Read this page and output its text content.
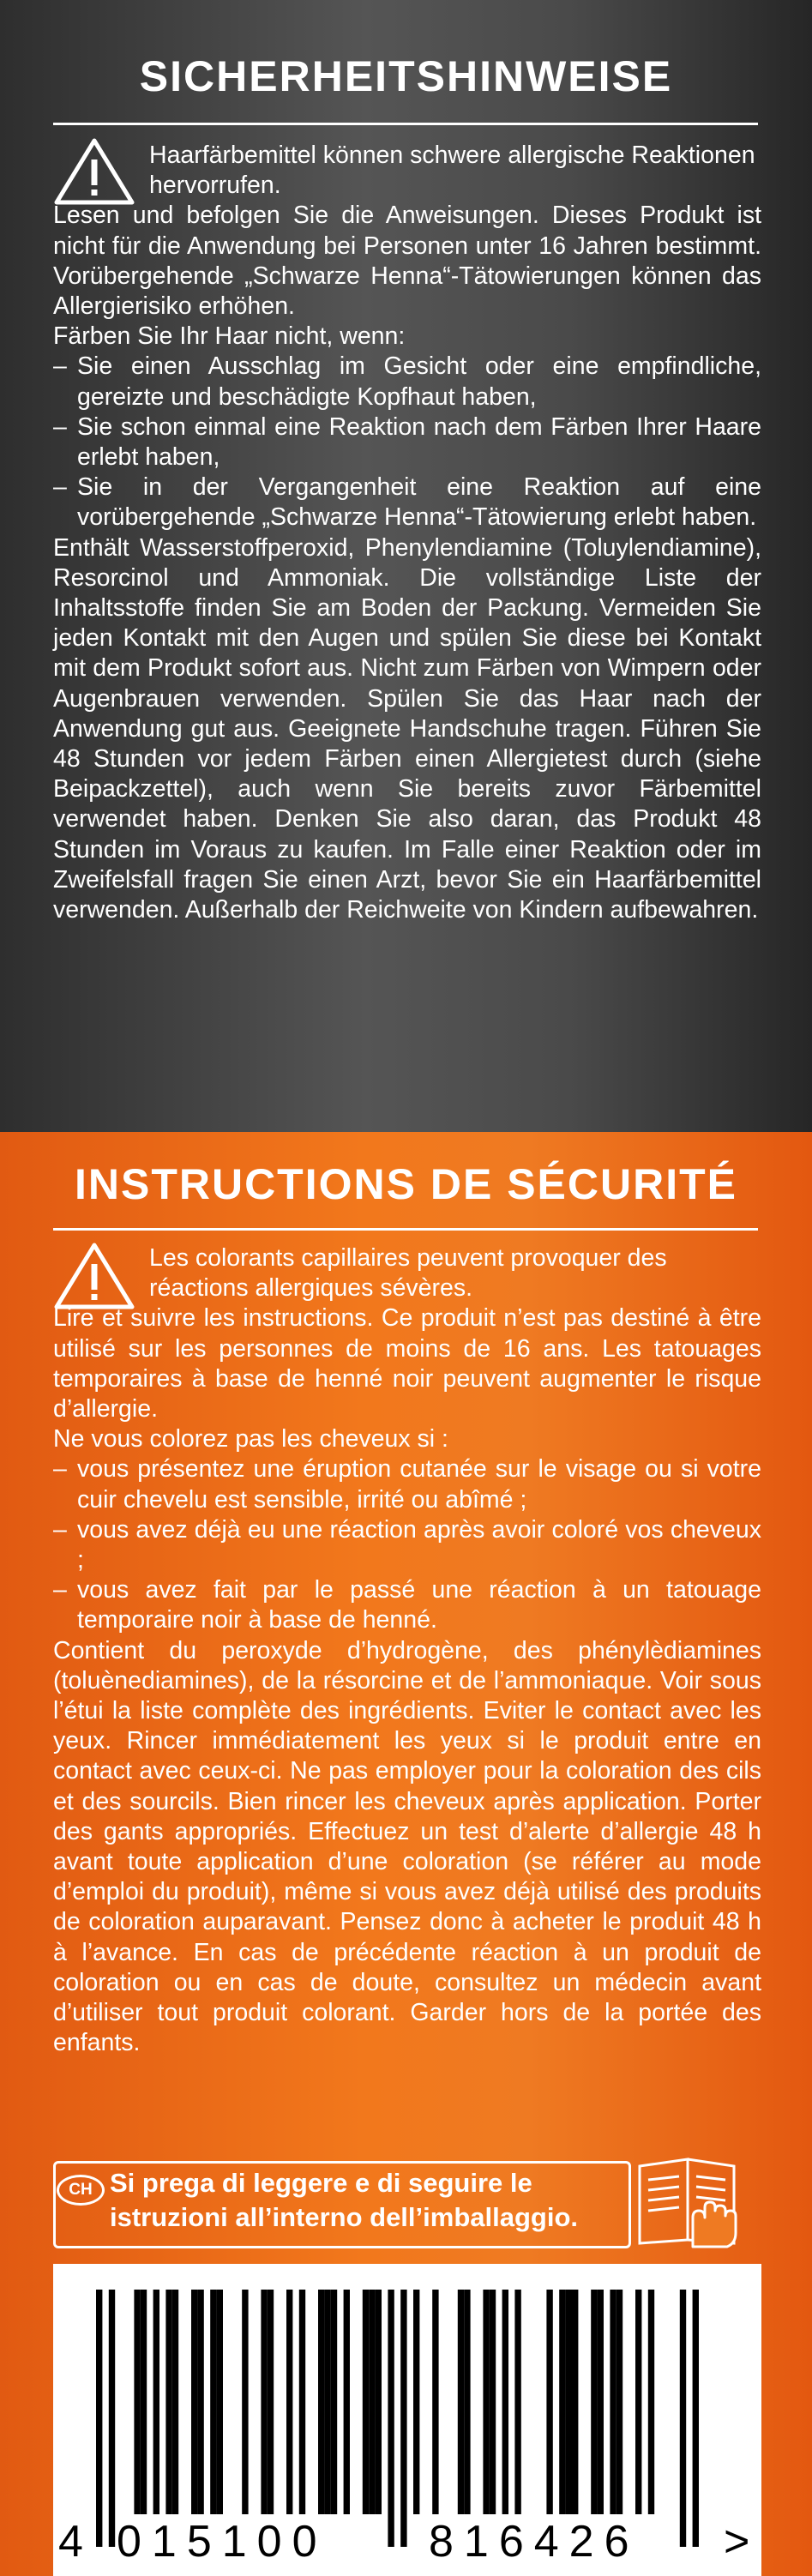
SICHERHEITSHINWEISE

Haarfärbemittel können schwere allergische Reaktionen hervorrufen.

Lesen und befolgen Sie die Anweisungen. Dieses Produkt ist nicht für die Anwendung bei Personen unter 16 Jahren bestimmt. Vorübergehende „Schwarze Henna“-Tätowierungen können das Allergierisiko erhöhen.

Färben Sie Ihr Haar nicht, wenn:

– Sie einen Ausschlag im Gesicht oder eine empfindliche, gereizte und beschädigte Kopfhaut haben,
– Sie schon einmal eine Reaktion nach dem Färben Ihrer Haare erlebt haben,
– Sie in der Vergangenheit eine Reaktion auf eine vorübergehende „Schwarze Henna“-Tätowierung erlebt haben.

Enthält Wasserstoffperoxid, Phenylendiamine (Toluylendiamine), Resorcinol und Ammoniak. Die vollständige Liste der Inhaltsstoffe finden Sie am Boden der Packung. Vermeiden Sie jeden Kontakt mit den Augen und spülen Sie diese bei Kontakt mit dem Produkt sofort aus. Nicht zum Färben von Wimpern oder Augenbrauen verwenden. Spülen Sie das Haar nach der Anwendung gut aus. Geeignete Handschuhe tragen. Führen Sie 48 Stunden vor jedem Färben einen Allergietest durch (siehe Beipackzettel), auch wenn Sie bereits zuvor Färbemittel verwendet haben. Denken Sie also daran, das Produkt 48 Stunden im Voraus zu kaufen. Im Falle einer Reaktion oder im Zweifelsfall fragen Sie einen Arzt, bevor Sie ein Haarfärbemittel verwenden. Außerhalb der Reichweite von Kindern aufbewahren.

INSTRUCTIONS DE SÉCURITÉ

Les colorants capillaires peuvent provoquer des réactions allergiques sévères.

Lire et suivre les instructions. Ce produit n’est pas destiné à être utilisé sur les personnes de moins de 16 ans. Les tatouages temporaires à base de henné noir peuvent augmenter le risque d’allergie.

Ne vous colorez pas les cheveux si :

– vous présentez une éruption cutanée sur le visage ou si votre cuir chevelu est sensible, irrité ou abîmé ;
– vous avez déjà eu une réaction après avoir coloré vos cheveux ;
– vous avez fait par le passé une réaction à un tatouage temporaire noir à base de henné.

Contient du peroxyde d’hydrogène, des phénylèdiamines (toluènediamines), de la résorcine et de l’ammoniaque. Voir sous l’étui la liste complète des ingrédients. Eviter le contact avec les yeux. Rincer immédiatement les yeux si le produit entre en contact avec ceux-ci. Ne pas employer pour la coloration des cils et des sourcils. Bien rincer les cheveux après application. Porter des gants appropriés. Effectuez un test d’alerte d’allergie 48 h avant toute application d’une coloration (se référer au mode d’emploi du produit), même si vous avez déjà utilisé des produits de coloration auparavant. Pensez donc à acheter le produit 48 h à l’avance. En cas de précédente réaction à un produit de coloration ou en cas de doute, consultez un médecin avant d’utiliser tout produit colorant. Garder hors de la portée des enfants.

CH Si prega di leggere e di seguire le
istruzioni all’interno dell’imballaggio.
4 015100 816426 >
